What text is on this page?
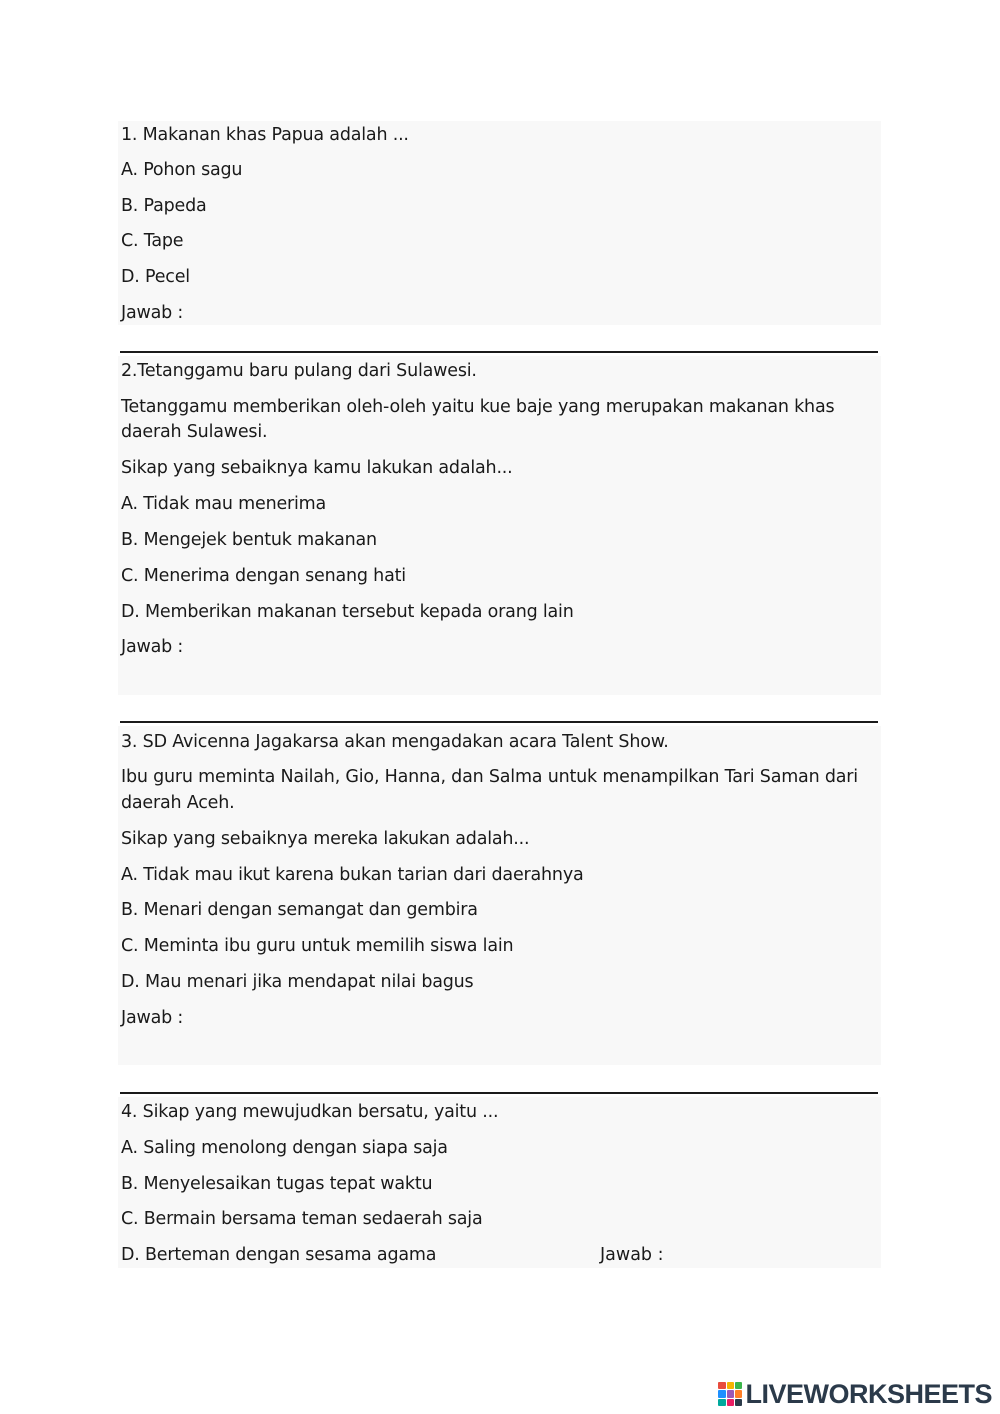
1. Makanan khas Papua adalah ...
A. Pohon sagu
B. Papeda
C. Tape
D. Pecel
Jawab :
2.Tetanggamu baru pulang dari Sulawesi.
Tetanggamu memberikan oleh-oleh yaitu kue baje yang merupakan makanan khas
daerah Sulawesi.
Sikap yang sebaiknya kamu lakukan adalah...
A. Tidak mau menerima
B. Mengejek bentuk makanan
C. Menerima dengan senang hati
D. Memberikan makanan tersebut kepada orang lain
Jawab :
3. SD Avicenna Jagakarsa akan mengadakan acara Talent Show.
Ibu guru meminta Nailah, Gio, Hanna, dan Salma untuk menampilkan Tari Saman dari
daerah Aceh.
Sikap yang sebaiknya mereka lakukan adalah...
A. Tidak mau ikut karena bukan tarian dari daerahnya
B. Menari dengan semangat dan gembira
C. Meminta ibu guru untuk memilih siswa lain
D. Mau menari jika mendapat nilai bagus
Jawab :
4. Sikap yang mewujudkan bersatu, yaitu ...
A. Saling menolong dengan siapa saja
B. Menyelesaikan tugas tepat waktu
C. Bermain bersama teman sedaerah saja
D. Berteman dengan sesama agama	Jawab :
LIVEWORKSHEETS
